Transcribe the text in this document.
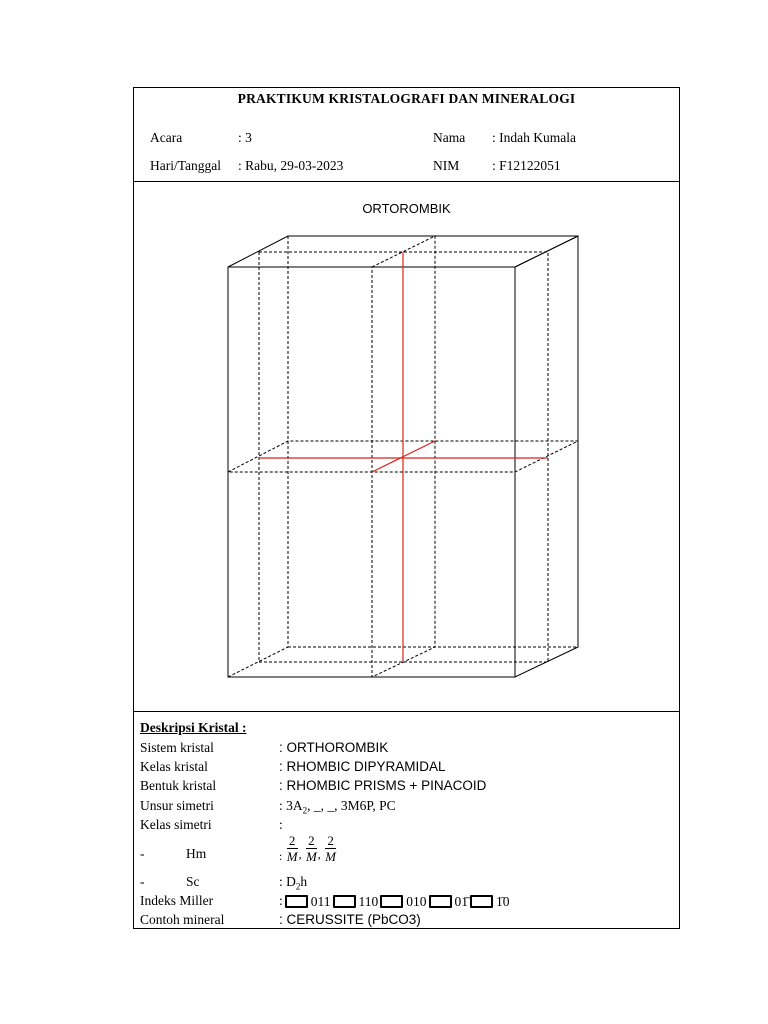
PRAKTIKUM KRISTALOGRAFI DAN MINERALOGI
Acara	: 3	Nama : Indah Kumala
Hari/Tanggal : Rabu, 29-03-2023	NIM : F12122051
ORTOROMBIK
Deskripsi Kristal :
Sistem kristal	: ORTHOROMBIK
Kelas kristal	: RHOMBIC DIPYRAMIDAL
Bentuk kristal	: RHOMBIC PRISMS + PINACOID
Unsur simetri	: $3A_2$, _, _, 3M6P, PC
Kelas simetri	:
-	Hm	: $\frac{2}{M}$ , $\frac{2}{M}$ , $\frac{2}{M}$
-	Sc	: $D_2h$
Indeks Miller	: 011 110 010 01̄ 1̄0
Contoh mineral	: CERUSSITE (PbCO3)
